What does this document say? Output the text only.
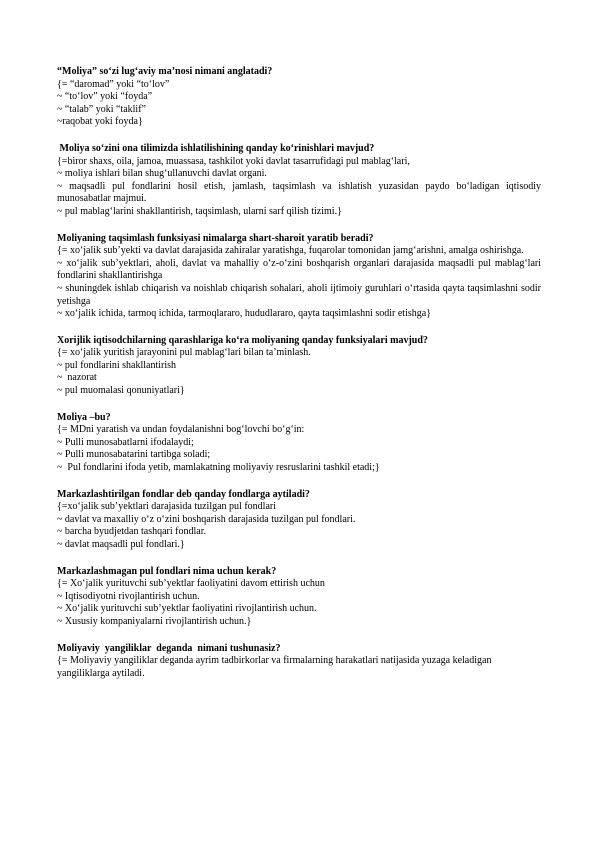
“Moliya” so‘zi lug‘aviy ma’nosi nimani anglatadi?
{= “daromad” yoki “to‘lov”
~ “to‘lov” yoki “foyda”
~ “talab” yoki “taklif”
~raqobat yoki foyda}
Moliya so‘zini ona tilimizda ishlatilishining qanday ko‘rinishlari mavjud?
{=biror shaxs, oila, jamoa, muassasa, tashkilot yoki davlat tasarrufidagi pul mablag‘lari,
~ moliya ishlari bilan shug‘ullanuvchi davlat organi.
~ maqsadli pul fondlarini hosil etish, jamlash, taqsimlash va ishlatish yuzasidan paydo bo‘ladigan iqtisodiy munosabatlar majmui.
~ pul mablag‘larini shakllantirish, taqsimlash, ularni sarf qilish tizimi.}
Moliyaning taqsimlash funksiyasi nimalarga shart-sharoit yaratib beradi?
{= xo‘jalik sub’yekti va davlat darajasida zahiralar yaratishga, fuqarolar tomonidan jamg‘arishni, amalga oshirishga.
~ xo‘jalik sub’yektlari, aholi, davlat va mahalliy o‘z-o‘zini boshqarish organlari darajasida maqsadli pul mablag‘lari fondlarini shakllantirishga
~ shuningdek ishlab chiqarish va noishlab chiqarish sohalari, aholi ijtimoiy guruhlari o‘rtasida qayta taqsimlashni sodir yetishga
~ xo‘jalik ichida, tarmoq ichida, tarmoqlararo, hududlararo, qayta taqsimlashni sodir etishga}
Xorijlik iqtisodchilarning qarashlariga ko‘ra moliyaning qanday funksiyalari mavjud?
{= xo‘jalik yuritish jarayonini pul mablag‘lari bilan ta’minlash.
~ pul fondlarini shakllantirish
~  nazorat
~ pul muomalasi qonuniyatlari}
Moliya –bu?
{= MDni yaratish va undan foydalanishni bog‘lovchi bo‘g‘in:
~ Pulli munosabatlarni ifodalaydi;
~ Pulli munosabatarini tartibga soladi;
~  Pul fondlarini ifoda yetib, mamlakatning moliyaviy resruslarini tashkil etadi;}
Markazlashtirilgan fondlar deb qanday fondlarga aytiladi?
{=xo‘jalik sub’yektlari darajasida tuzilgan pul fondlari
~ davlat va maxalliy o‘z o‘zini boshqarish darajasida tuzilgan pul fondlari.
~ barcha byudjetdan tashqari fondlar.
~ davlat maqsadli pul fondlari.}
Markazlashmagan pul fondlari nima uchun kerak?
{= Xo‘jalik yurituvchi sub’yektlar faoliyatini davom ettirish uchun
~ Iqtisodiyotni rivojlantirish uchun.
~ Xo‘jalik yurituvchi sub’yektlar faoliyatini rivojlantirish uchun.
~ Xususiy kompaniyalarni rivojlantirish uchun.}
Moliyaviy  yangiliklar  deganda  nimani tushunasiz?
{= Moliyaviy yangiliklar deganda ayrim tadbirkorlar va firmalarning harakatlari natijasida yuzaga keladigan yangiliklarga aytiladi.
